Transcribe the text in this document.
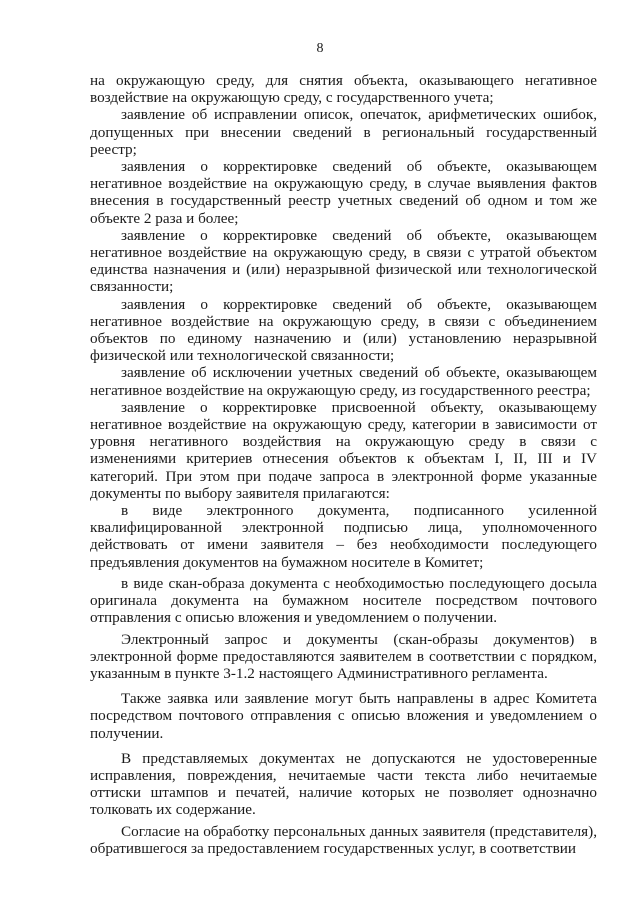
8

на окружающую среду, для снятия объекта, оказывающего негативное воздействие на окружающую среду, с государственного учета;

заявление об исправлении описок, опечаток, арифметических ошибок, допущенных при внесении сведений в региональный государственный реестр;

заявления о корректировке сведений об объекте, оказывающем негативное воздействие на окружающую среду, в случае выявления фактов внесения в государственный реестр учетных сведений об одном и том же объекте 2 раза и более;

заявление о корректировке сведений об объекте, оказывающем негативное воздействие на окружающую среду, в связи с утратой объектом единства назначения и (или) неразрывной физической или технологической связанности;

заявления о корректировке сведений об объекте, оказывающем негативное воздействие на окружающую среду, в связи с объединением объектов по единому назначению и (или) установлению неразрывной физической или технологической связанности;

заявление об исключении учетных сведений об объекте, оказывающем негативное воздействие на окружающую среду, из государственного реестра;

заявление о корректировке присвоенной объекту, оказывающему негативное воздействие на окружающую среду, категории в зависимости от уровня негативного воздействия на окружающую среду в связи с изменениями критериев отнесения объектов к объектам I, II, III и IV категорий. При этом при подаче запроса в электронной форме указанные документы по выбору заявителя прилагаются:

в виде электронного документа, подписанного усиленной квалифицированной электронной подписью лица, уполномоченного действовать от имени заявителя – без необходимости последующего предъявления документов на бумажном носителе в Комитет;

в виде скан-образа документа с необходимостью последующего досыла оригинала документа на бумажном носителе посредством почтового отправления с описью вложения и уведомлением о получении.

Электронный запрос и документы (скан-образы документов) в электронной форме предоставляются заявителем в соответствии с порядком, указанным в пункте 3-1.2 настоящего Административного регламента.

Также заявка или заявление могут быть направлены в адрес Комитета посредством почтового отправления с описью вложения и уведомлением о получении.

В представляемых документах не допускаются не удостоверенные исправления, повреждения, нечитаемые части текста либо нечитаемые оттиски штампов и печатей, наличие которых не позволяет однозначно толковать их содержание.

Согласие на обработку персональных данных заявителя (представителя), обратившегося за предоставлением государственных услуг, в соответствии
